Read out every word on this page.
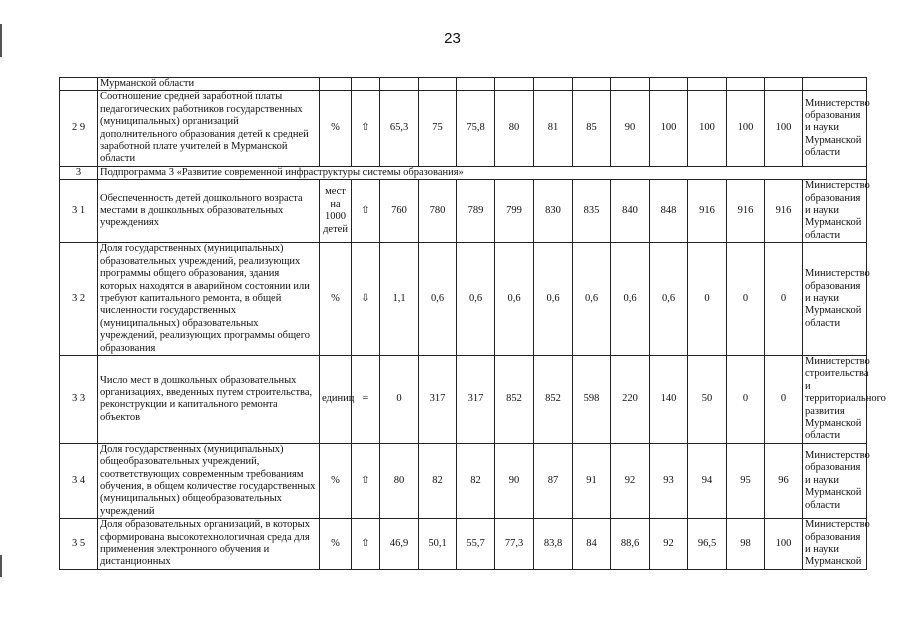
23
	Мурманской области														
2 9	Соотношение средней заработной платы педагогических работников государственных (муниципальных) организаций дополнительного образования детей к средней заработной плате учителей в Мурманской области	%	⇧	65,3	75	75,8	80	81	85	90	100	100	100	100	Министерство образования и науки Мурманской области
3	Подпрограмма 3 «Развитие современной инфраструктуры системы образования»														
3 1	Обеспеченность детей дошкольного возраста местами в дошкольных образовательных учреждениях	мест на 1000 детей	⇧	760	780	789	799	830	835	840	848	916	916	916	Министерство образования и науки Мурманской области
3 2	Доля государственных (муниципальных) образовательных учреждений, реализующих программы общего образования, здания которых находятся в аварийном состоянии или требуют капитального ремонта, в общей численности государственных (муниципальных) образовательных учреждений, реализующих программы общего образования	%	⇩	1,1	0,6	0,6	0,6	0,6	0,6	0,6	0,6	0	0	0	Министерство образования и науки Мурманской области
3 3	Число мест в дошкольных образовательных организациях, введенных путем строительства, реконструкции и капитального ремонта объектов	единиц	=	0	317	317	852	852	598	220	140	50	0	0	Министерство строительства и территориального развития Мурманской области
3 4	Доля государственных (муниципальных) общеобразовательных учреждений, соответствующих современным требованиям обучения, в общем количестве государственных (муниципальных) общеобразовательных учреждений	%	⇧	80	82	82	90	87	91	92	93	94	95	96	Министерство образования и науки Мурманской области
3 5	Доля образовательных организаций, в которых сформирована высокотехнологичная среда для применения электронного обучения и дистанционных	%	⇧	46,9	50,1	55,7	77,3	83,8	84	88,6	92	96,5	98	100	Министерство образования и науки Мурманской
